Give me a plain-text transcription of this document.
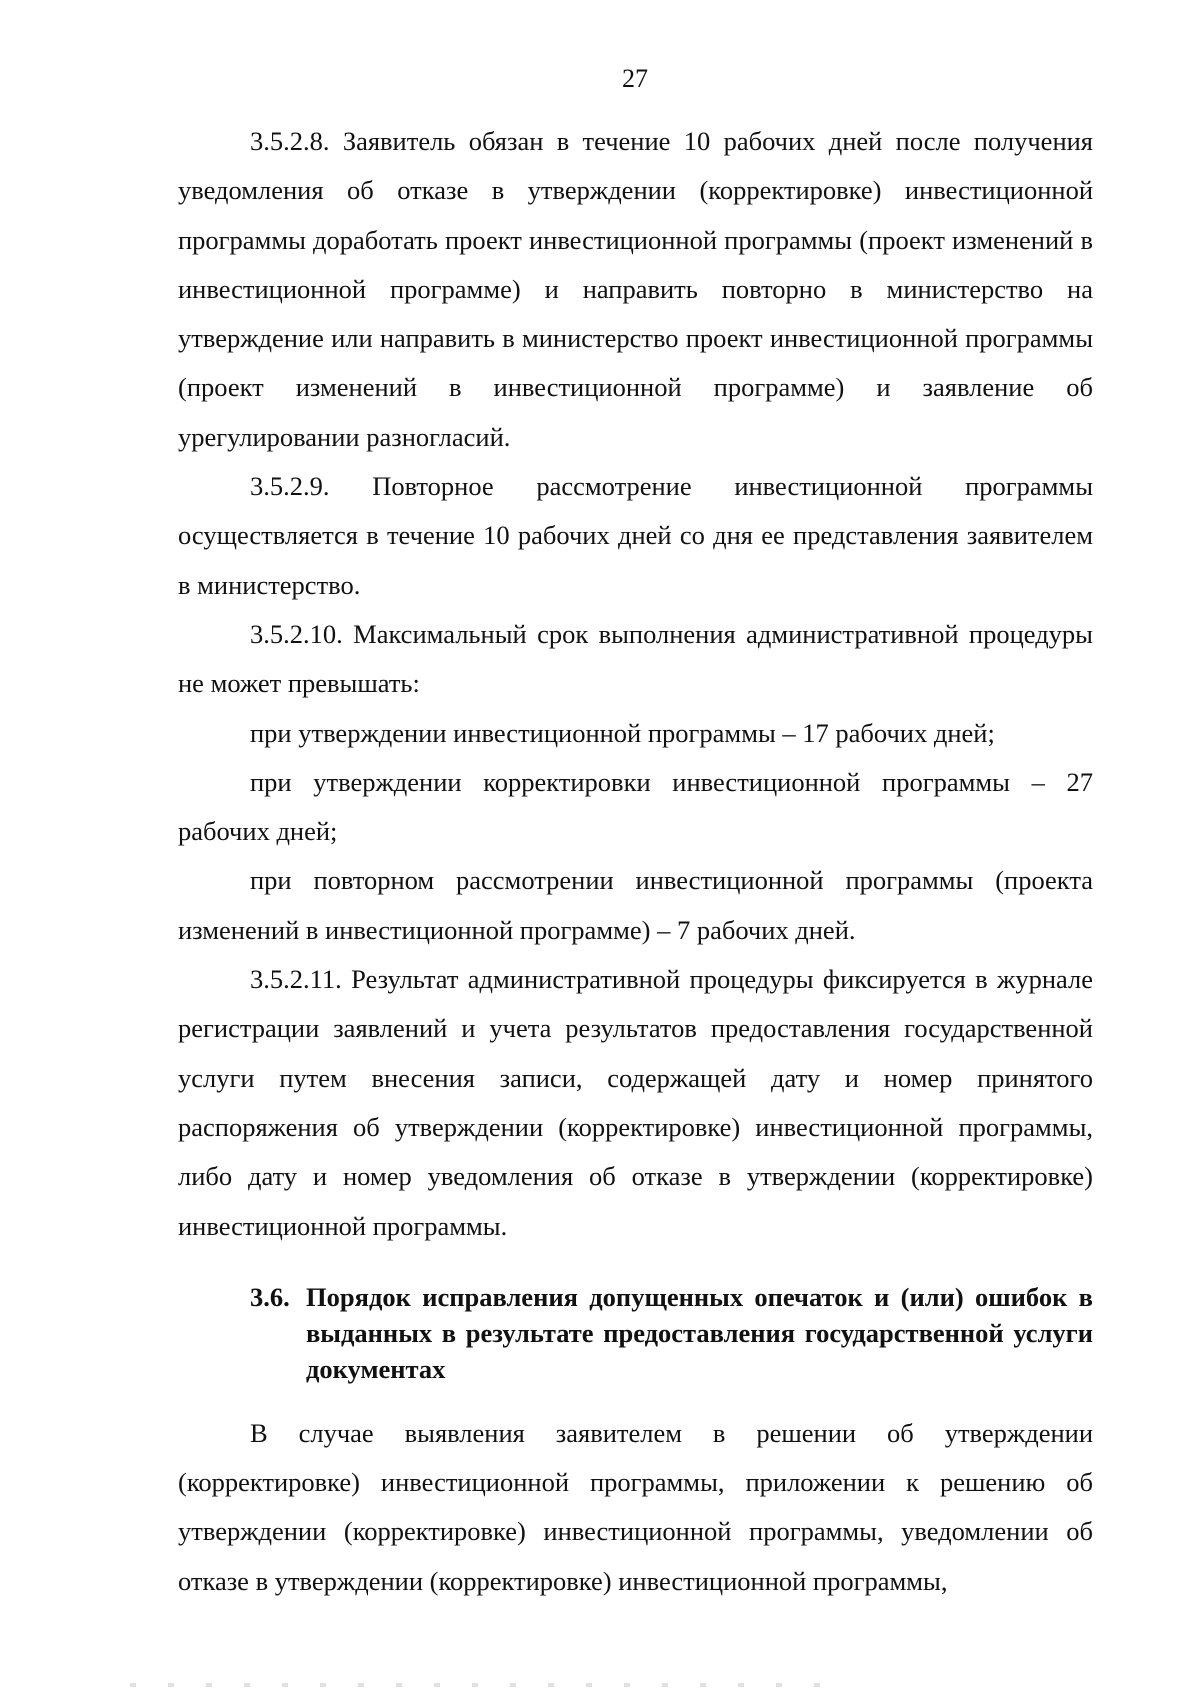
27

3.5.2.8. Заявитель обязан в течение 10 рабочих дней после получения уведомления об отказе в утверждении (корректировке) инвестиционной программы доработать проект инвестиционной программы (проект изменений в инвестиционной программе) и направить повторно в министерство на утверждение или направить в министерство проект инвестиционной программы (проект изменений в инвестиционной программе) и заявление об урегулировании разногласий.

3.5.2.9. Повторное рассмотрение инвестиционной программы осуществляется в течение 10 рабочих дней со дня ее представления заявителем в министерство.

3.5.2.10. Максимальный срок выполнения административной процедуры не может превышать:

при утверждении инвестиционной программы – 17 рабочих дней;

при утверждении корректировки инвестиционной программы – 27 рабочих дней;

при повторном рассмотрении инвестиционной программы (проекта изменений в инвестиционной программе) – 7 рабочих дней.

3.5.2.11. Результат административной процедуры фиксируется в журнале регистрации заявлений и учета результатов предоставления государственной услуги путем внесения записи, содержащей дату и номер принятого распоряжения об утверждении (корректировке) инвестиционной программы, либо дату и номер уведомления об отказе в утверждении (корректировке) инвестиционной программы.

3.6. Порядок исправления допущенных опечаток и (или) ошибок в выданных в результате предоставления государственной услуги документах

В случае выявления заявителем в решении об утверждении (корректировке) инвестиционной программы, приложении к решению об утверждении (корректировке) инвестиционной программы, уведомлении об отказе в утверждении (корректировке) инвестиционной программы,
